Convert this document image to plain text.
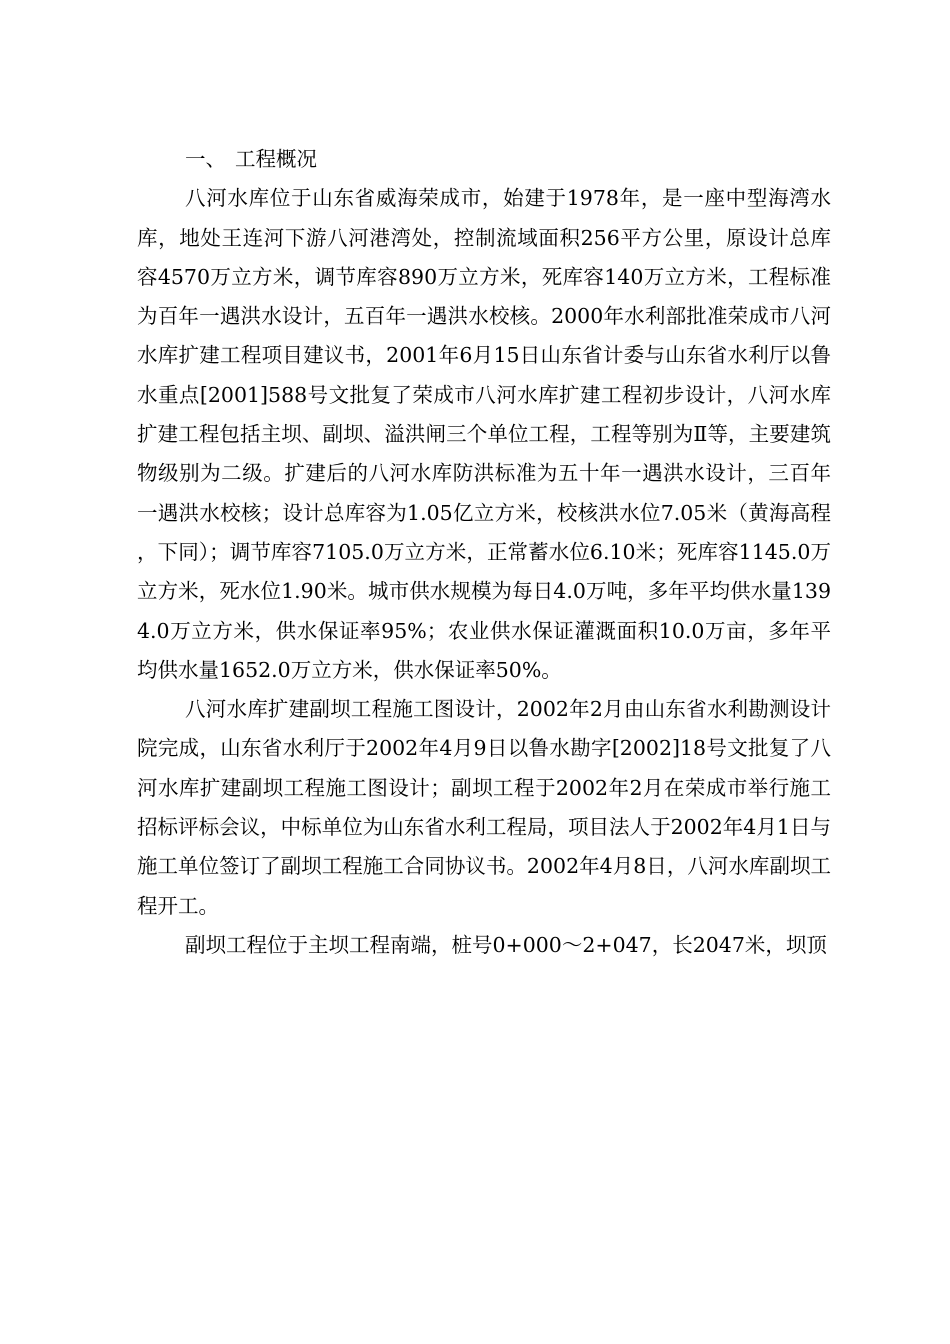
一、 工程概况

八河水库位于山东省威海荣成市，始建于1978年，是一座中型海湾水库，地处王连河下游八河港湾处，控制流域面积256平方公里，原设计总库容4570万立方米，调节库容890万立方米，死库容140万立方米，工程标准为百年一遇洪水设计，五百年一遇洪水校核。2000年水利部批准荣成市八河水库扩建工程项目建议书，2001年6月15日山东省计委与山东省水利厅以鲁水重点[2001]588号文批复了荣成市八河水库扩建工程初步设计，八河水库扩建工程包括主坝、副坝、溢洪闸三个单位工程，工程等别为Ⅱ等，主要建筑物级别为二级。扩建后的八河水库防洪标准为五十年一遇洪水设计，三百年一遇洪水校核；设计总库容为1.05亿立方米，校核洪水位7.05米（黄海高程，下同）；调节库容7105.0万立方米，正常蓄水位6.10米；死库容1145.0万立方米，死水位1.90米。城市供水规模为每日4.0万吨，多年平均供水量1394.0万立方米，供水保证率95%；农业供水保证灌溉面积10.0万亩，多年平均供水量1652.0万立方米，供水保证率50%。

八河水库扩建副坝工程施工图设计，2002年2月由山东省水利勘测设计院完成，山东省水利厅于2002年4月9日以鲁水勘字[2002]18号文批复了八河水库扩建副坝工程施工图设计；副坝工程于2002年2月在荣成市举行施工招标评标会议，中标单位为山东省水利工程局，项目法人于2002年4月1日与施工单位签订了副坝工程施工合同协议书。2002年4月8日，八河水库副坝工程开工。

副坝工程位于主坝工程南端，桩号0+000～2+047，长2047米，坝顶
